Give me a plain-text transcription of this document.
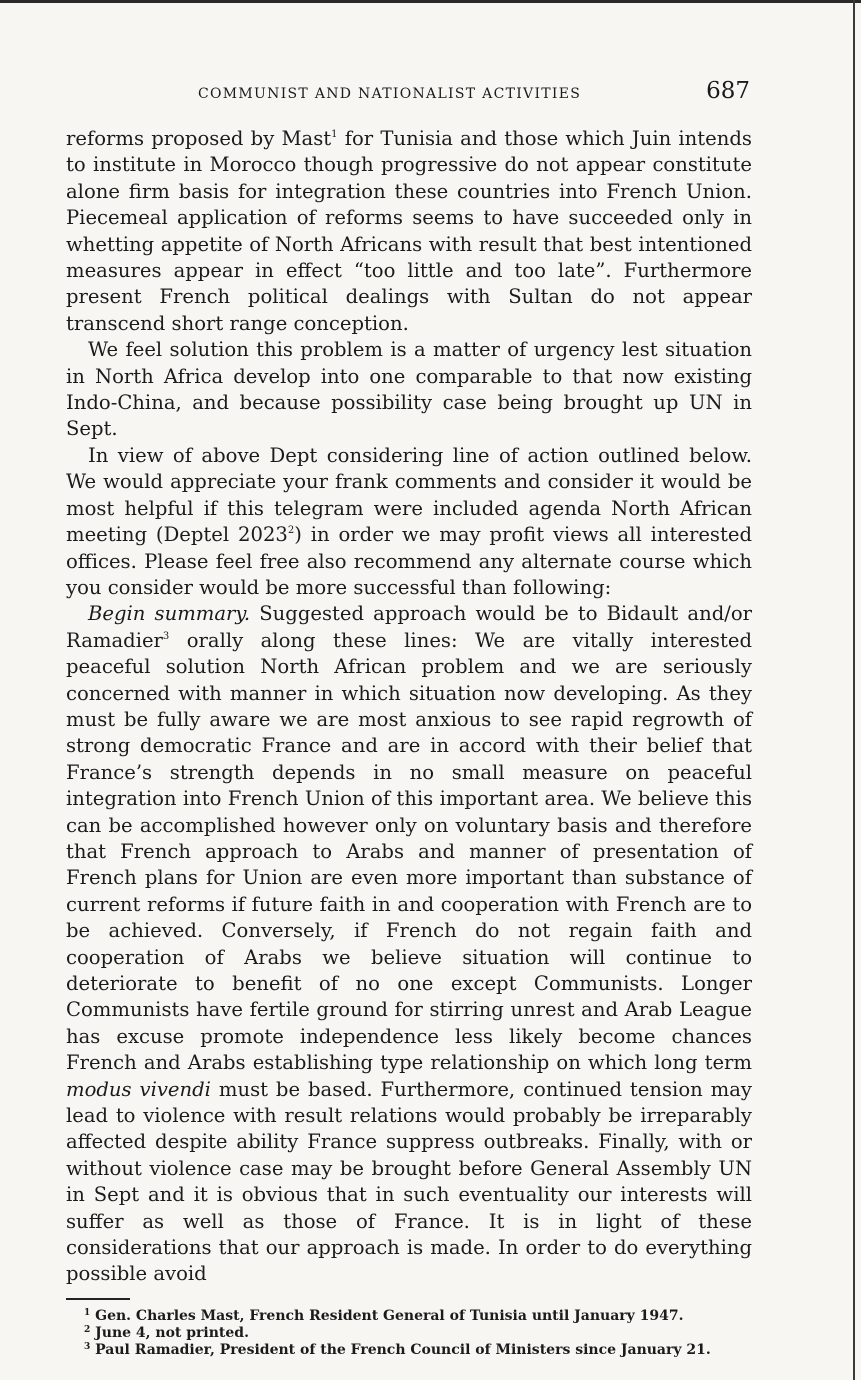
COMMUNIST AND NATIONALIST ACTIVITIES	687

reforms proposed by Mast$^1$ for Tunisia and those which Juin intends to institute in Morocco though progressive do not appear constitute alone firm basis for integration these countries into French Union. Piecemeal application of reforms seems to have succeeded only in whetting appetite of North Africans with result that best intentioned measures appear in effect “too little and too late”. Furthermore present French political dealings with Sultan do not appear transcend short range conception.

We feel solution this problem is a matter of urgency lest situation in North Africa develop into one comparable to that now existing Indo-China, and because possibility case being brought up UN in Sept.

In view of above Dept considering line of action outlined below. We would appreciate your frank comments and consider it would be most helpful if this telegram were included agenda North African meeting (Deptel 2023$^2$) in order we may profit views all interested offices. Please feel free also recommend any alternate course which you consider would be more successful than following:

Begin summary. Suggested approach would be to Bidault and/or Ramadier$^3$ orally along these lines: We are vitally interested peaceful solution North African problem and we are seriously concerned with manner in which situation now developing. As they must be fully aware we are most anxious to see rapid regrowth of strong democratic France and are in accord with their belief that France’s strength depends in no small measure on peaceful integration into French Union of this important area. We believe this can be accomplished however only on voluntary basis and therefore that French approach to Arabs and manner of presentation of French plans for Union are even more important than substance of current reforms if future faith in and cooperation with French are to be achieved. Conversely, if French do not regain faith and cooperation of Arabs we believe situation will continue to deteriorate to benefit of no one except Communists. Longer Communists have fertile ground for stirring unrest and Arab League has excuse promote independence less likely become chances French and Arabs establishing type relationship on which long term modus vivendi must be based. Furthermore, continued tension may lead to violence with result relations would probably be irreparably affected despite ability France suppress outbreaks. Finally, with or without violence case may be brought before General Assembly UN in Sept and it is obvious that in such eventuality our interests will suffer as well as those of France. It is in light of these considerations that our approach is made. In order to do everything possible avoid

$^1$ Gen. Charles Mast, French Resident General of Tunisia until January 1947.

$^2$ June 4, not printed.

$^3$ Paul Ramadier, President of the French Council of Ministers since January 21.
